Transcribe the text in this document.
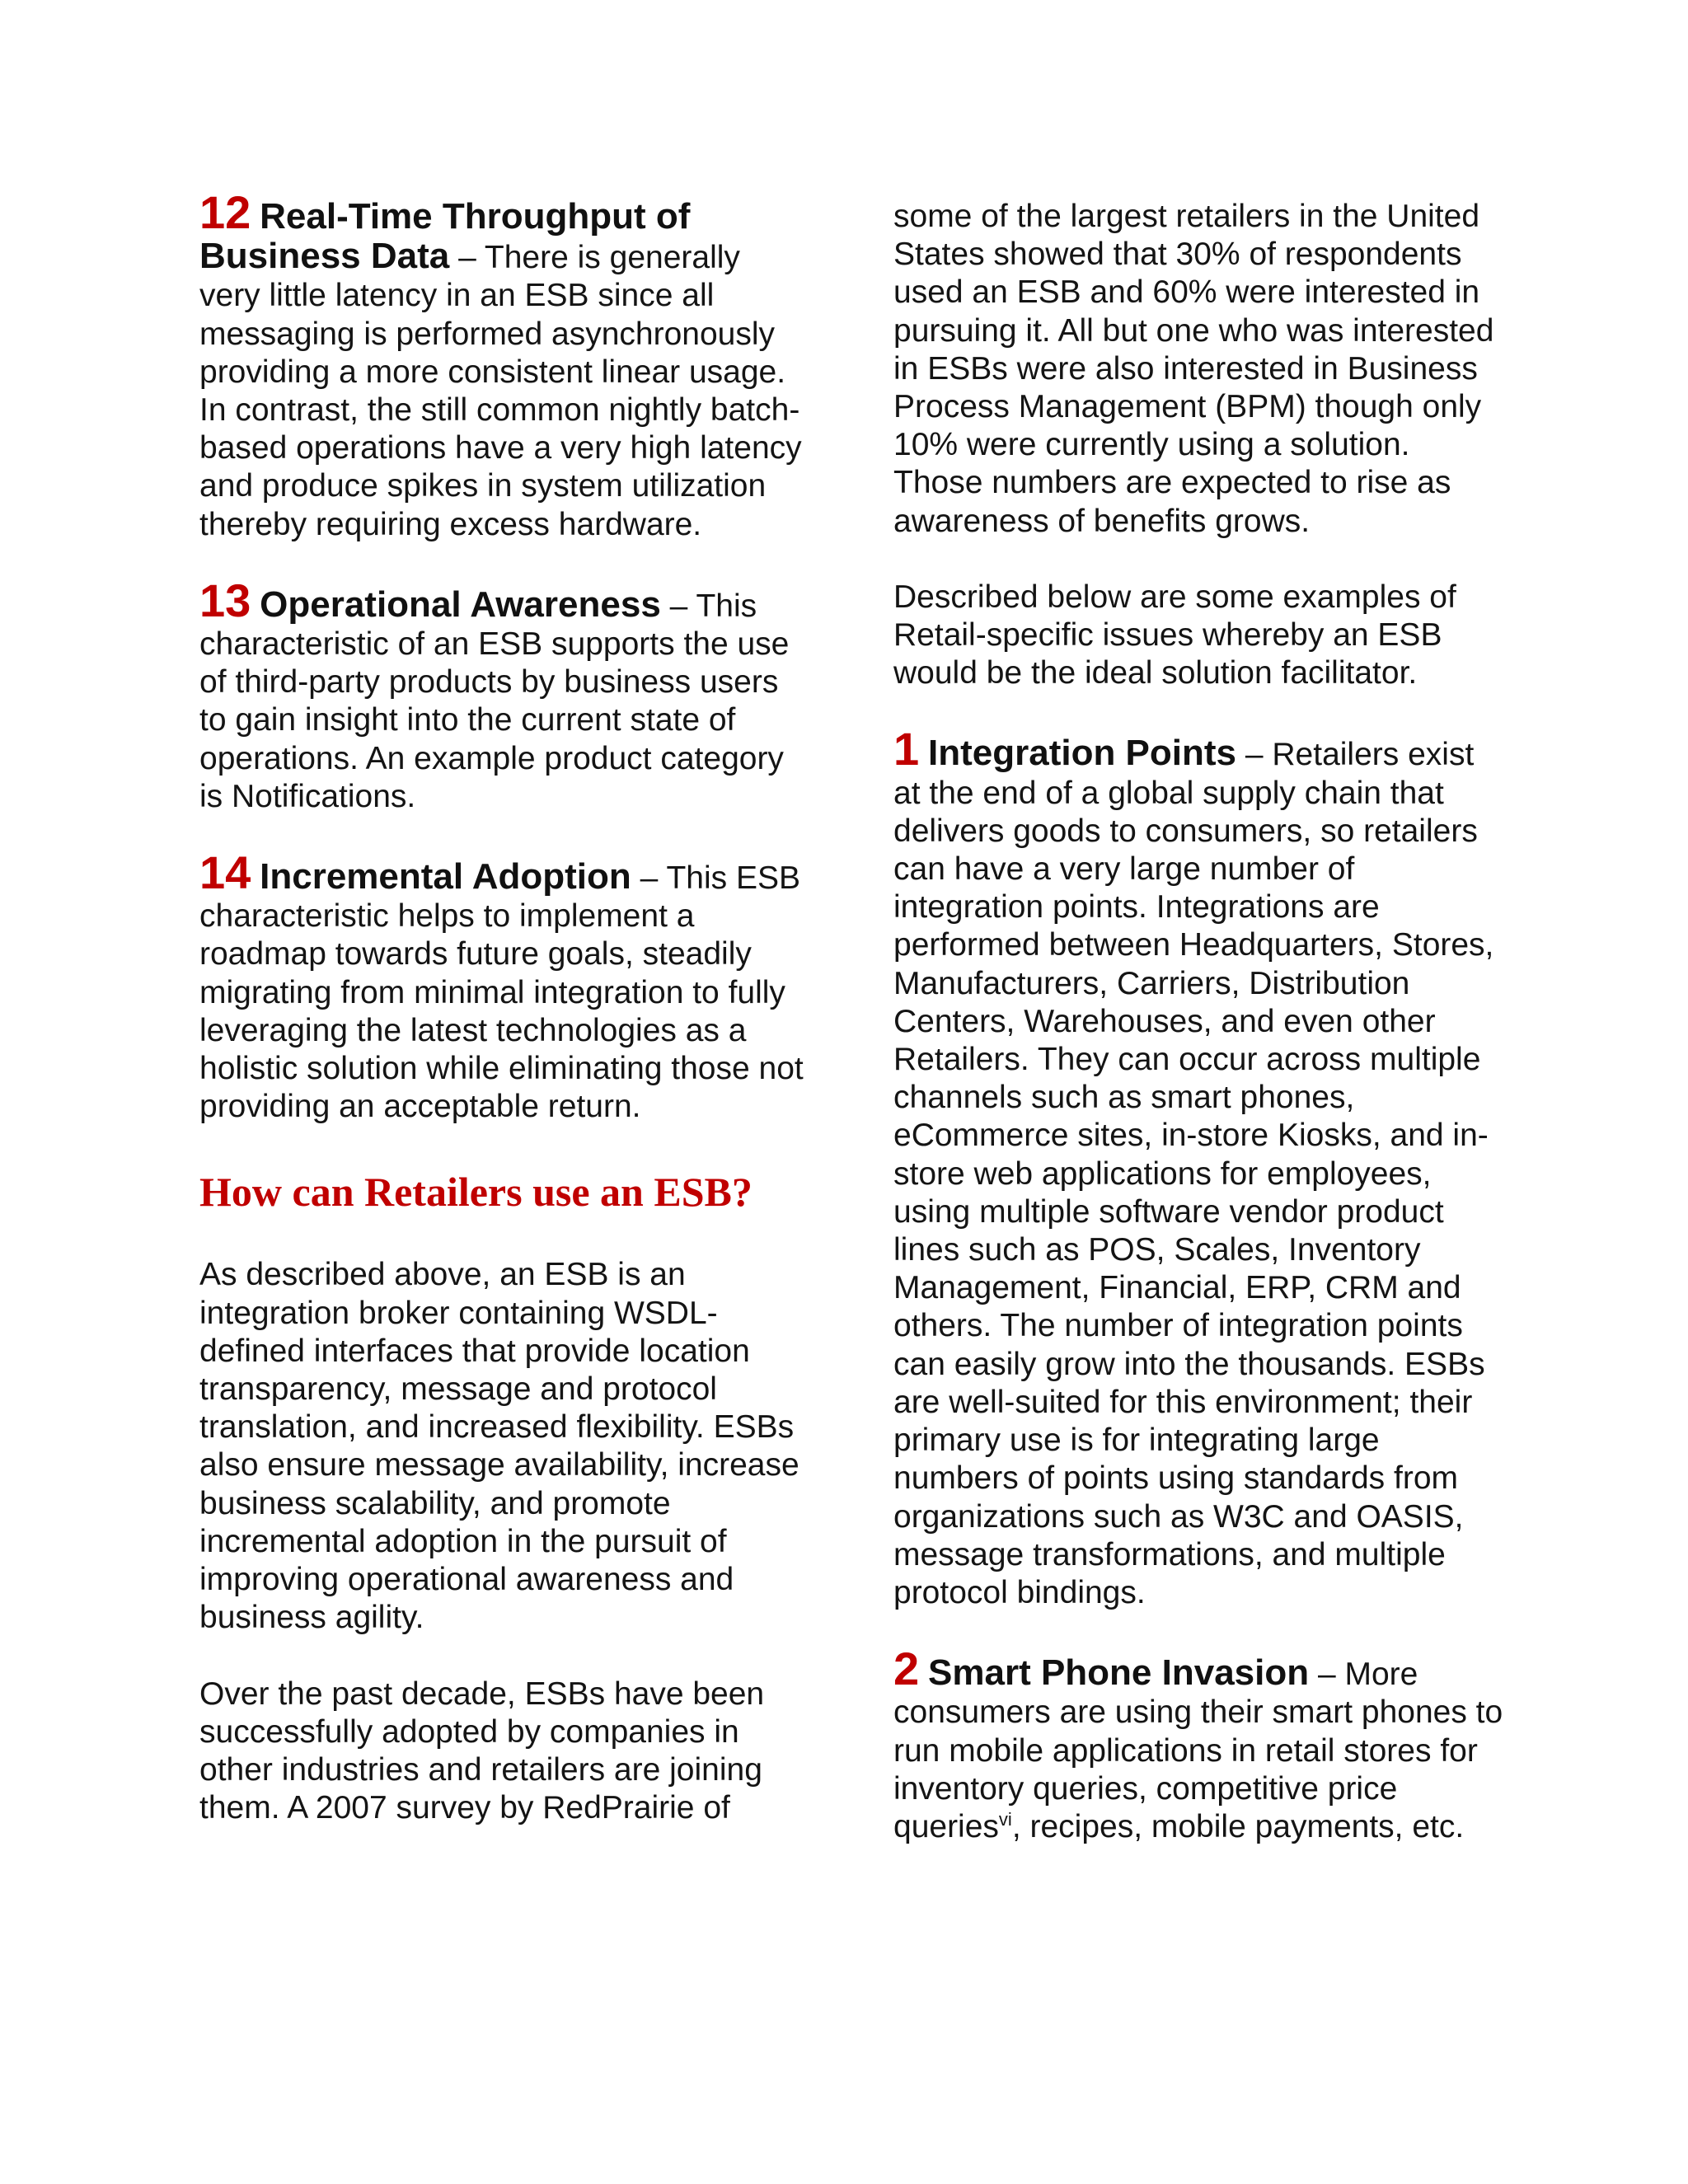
12 Real-Time Throughput of Business Data – There is generally very little latency in an ESB since all messaging is performed asynchronously providing a more consistent linear usage. In contrast, the still common nightly batch-based operations have a very high latency and produce spikes in system utilization thereby requiring excess hardware.

13 Operational Awareness – This characteristic of an ESB supports the use of third-party products by business users to gain insight into the current state of operations. An example product category is Notifications.

14 Incremental Adoption – This ESB characteristic helps to implement a roadmap towards future goals, steadily migrating from minimal integration to fully leveraging the latest technologies as a holistic solution while eliminating those not providing an acceptable return.

How can Retailers use an ESB?

As described above, an ESB is an integration broker containing WSDL-defined interfaces that provide location transparency, message and protocol translation, and increased flexibility. ESBs also ensure message availability, increase business scalability, and promote incremental adoption in the pursuit of improving operational awareness and business agility.

Over the past decade, ESBs have been successfully adopted by companies in other industries and retailers are joining them. A 2007 survey by RedPrairie of

some of the largest retailers in the United States showed that 30% of respondents used an ESB and 60% were interested in pursuing it. All but one who was interested in ESBs were also interested in Business Process Management (BPM) though only 10% were currently using a solution. Those numbers are expected to rise as awareness of benefits grows.

Described below are some examples of Retail-specific issues whereby an ESB would be the ideal solution facilitator.

1 Integration Points – Retailers exist at the end of a global supply chain that delivers goods to consumers, so retailers can have a very large number of integration points. Integrations are performed between Headquarters, Stores, Manufacturers, Carriers, Distribution Centers, Warehouses, and even other Retailers. They can occur across multiple channels such as smart phones, eCommerce sites, in-store Kiosks, and in-store web applications for employees, using multiple software vendor product lines such as POS, Scales, Inventory Management, Financial, ERP, CRM and others. The number of integration points can easily grow into the thousands. ESBs are well-suited for this environment; their primary use is for integrating large numbers of points using standards from organizations such as W3C and OASIS, message transformations, and multiple protocol bindings.

2 Smart Phone Invasion – More consumers are using their smart phones to run mobile applications in retail stores for inventory queries, competitive price queries$^{vi}$, recipes, mobile payments, etc.
